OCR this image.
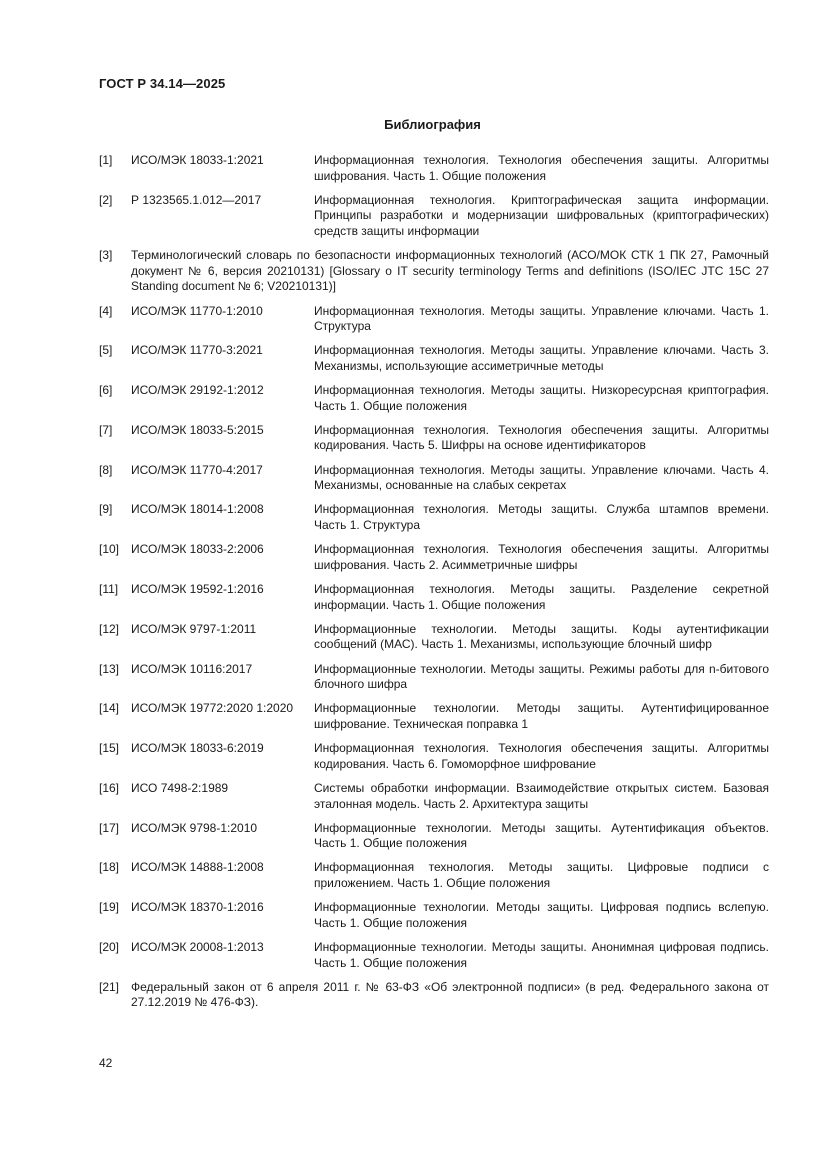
ГОСТ Р 34.14—2025
Библиография
[1]	ИСО/МЭК 18033-1:2021	Информационная технология. Технология обеспечения защиты. Алгоритмы шифрования. Часть 1. Общие положения
[2]	Р 1323565.1.012—2017	Информационная технология. Криптографическая защита информации. Принципы разработки и модернизации шифровальных (криптографических) средств защиты информации
[3]	Терминологический словарь по безопасности информационных технологий (АСО/МОК СТК 1 ПК 27, Рамочный документ № 6, версия 20210131) [Glossary о IT security terminology Terms and definitions (ISO/IEC JTC 15С 27 Standing document № 6; V20210131)]
[4]	ИСО/МЭК 11770-1:2010	Информационная технология. Методы защиты. Управление ключами. Часть 1. Структура
[5]	ИСО/МЭК 11770-3:2021	Информационная технология. Методы защиты. Управление ключами. Часть 3. Механизмы, использующие ассиметричные методы
[6]	ИСО/МЭК 29192-1:2012	Информационная технология. Методы защиты. Низкоресурсная криптография. Часть 1. Общие положения
[7]	ИСО/МЭК 18033-5:2015	Информационная технология. Технология обеспечения защиты. Алгоритмы кодирования. Часть 5. Шифры на основе идентификаторов
[8]	ИСО/МЭК 11770-4:2017	Информационная технология. Методы защиты. Управление ключами. Часть 4. Механизмы, основанные на слабых секретах
[9]	ИСО/МЭК 18014-1:2008	Информационная технология. Методы защиты. Служба штампов времени. Часть 1. Структура
[10] ИСО/МЭК 18033-2:2006	Информационная технология. Технология обеспечения защиты. Алгоритмы шифрования. Часть 2. Асимметричные шифры
[11]	ИСО/МЭК 19592-1:2016	Информационная технология. Методы защиты. Разделение секретной информации. Часть 1. Общие положения
[12] ИСО/МЭК 9797-1:2011	Информационные технологии. Методы защиты. Коды аутентификации сообщений (МАС). Часть 1. Механизмы, использующие блочный шифр
[13] ИСО/МЭК 10116:2017	Информационные технологии. Методы защиты. Режимы работы для n-битового блочного шифра
[14] ИСО/МЭК 19772:2020 1:2020	Информационные технологии. Методы защиты. Аутентифицированное шифрование. Техническая поправка 1
[15] ИСО/МЭК 18033-6:2019	Информационная технология. Технология обеспечения защиты. Алгоритмы кодирования. Часть 6. Гомоморфное шифрование
[16] ИСО 7498-2:1989	Системы обработки информации. Взаимодействие открытых систем. Базовая эталонная модель. Часть 2. Архитектура защиты
[17] ИСО/МЭК 9798-1:2010	Информационные технологии. Методы защиты. Аутентификация объектов. Часть 1. Общие положения
[18] ИСО/МЭК 14888-1:2008	Информационная технология. Методы защиты. Цифровые подписи с приложением. Часть 1. Общие положения
[19] ИСО/МЭК 18370-1:2016	Информационные технологии. Методы защиты. Цифровая подпись вслепую. Часть 1. Общие положения
[20] ИСО/МЭК 20008-1:2013	Информационные технологии. Методы защиты. Анонимная цифровая подпись. Часть 1. Общие положения
[21] Федеральный закон от 6 апреля 2011 г. № 63-ФЗ «Об электронной подписи» (в ред. Федерального закона от 27.12.2019 № 476-ФЗ).
42
